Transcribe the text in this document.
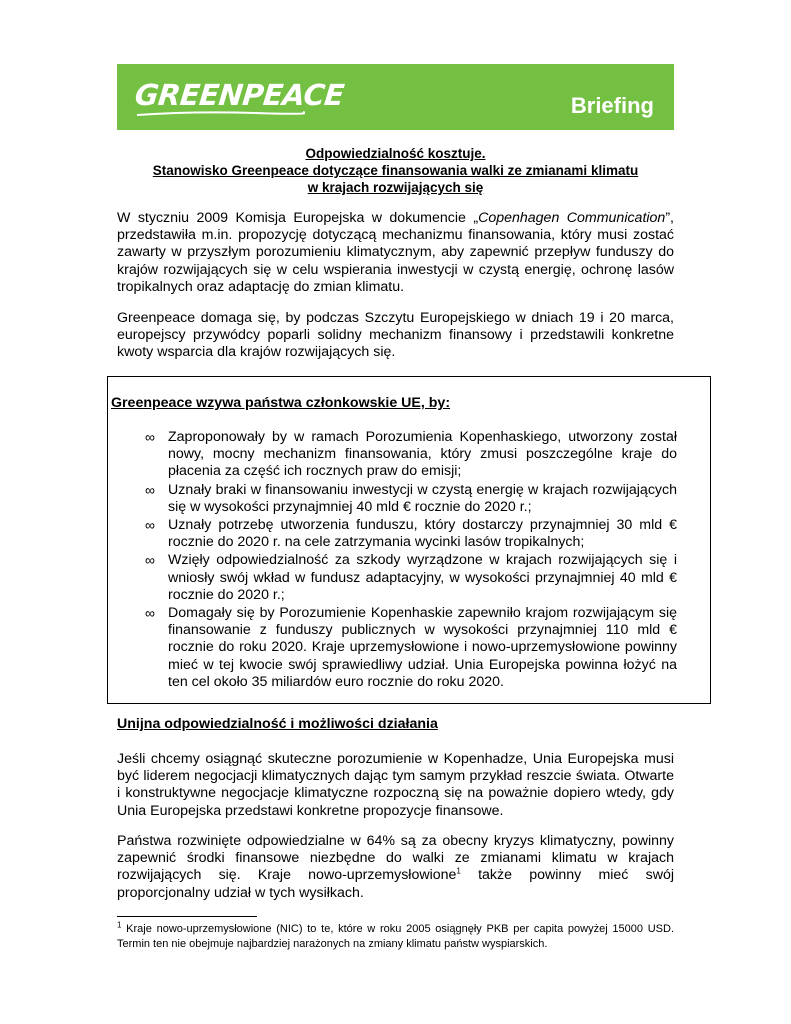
GREENPEACE	Briefing
Odpowiedzialność kosztuje.
Stanowisko Greenpeace dotyczące finansowania walki ze zmianami klimatu
w krajach rozwijających się
W styczniu 2009 Komisja Europejska w dokumencie „Copenhagen Communication”, przedstawiła m.in. propozycję dotyczącą mechanizmu finansowania, który musi zostać zawarty w przyszłym porozumieniu klimatycznym, aby zapewnić przepływ funduszy do krajów rozwijających się w celu wspierania inwestycji w czystą energię, ochronę lasów tropikalnych oraz adaptację do zmian klimatu.
Greenpeace domaga się, by podczas Szczytu Europejskiego w dniach 19 i 20 marca, europejscy przywódcy poparli solidny mechanizm finansowy i przedstawili konkretne kwoty wsparcia dla krajów rozwijających się.
Greenpeace wzywa państwa członkowskie UE, by:
∞ Zaproponowały by w ramach Porozumienia Kopenhaskiego, utworzony został nowy, mocny mechanizm finansowania, który zmusi poszczególne kraje do płacenia za część ich rocznych praw do emisji;
∞ Uznały braki w finansowaniu inwestycji w czystą energię w krajach rozwijających się w wysokości przynajmniej 40 mld € rocznie do 2020 r.;
∞ Uznały potrzebę utworzenia funduszu, który dostarczy przynajmniej 30 mld € rocznie do 2020 r. na cele zatrzymania wycinki lasów tropikalnych;
∞ Wzięły odpowiedzialność za szkody wyrządzone w krajach rozwijających się i wniosły swój wkład w fundusz adaptacyjny, w wysokości przynajmniej 40 mld € rocznie do 2020 r.;
∞ Domagały się by Porozumienie Kopenhaskie zapewniło krajom rozwijającym się finansowanie z funduszy publicznych w wysokości przynajmniej 110 mld € rocznie do roku 2020. Kraje uprzemysłowione i nowo-uprzemysłowione powinny mieć w tej kwocie swój sprawiedliwy udział. Unia Europejska powinna łożyć na ten cel około 35 miliardów euro rocznie do roku 2020.
Unijna odpowiedzialność i możliwości działania
Jeśli chcemy osiągnąć skuteczne porozumienie w Kopenhadze, Unia Europejska musi być liderem negocjacji klimatycznych dając tym samym przykład reszcie świata. Otwarte i konstruktywne negocjacje klimatyczne rozpoczną się na poważnie dopiero wtedy, gdy Unia Europejska przedstawi konkretne propozycje finansowe.
Państwa rozwinięte odpowiedzialne w 64% są za obecny kryzys klimatyczny, powinny zapewnić środki finansowe niezbędne do walki ze zmianami klimatu w krajach rozwijających się. Kraje nowo-uprzemysłowione$^1$ także powinny mieć swój proporcjonalny udział w tych wysiłkach.
$^1$ Kraje nowo-uprzemysłowione (NIC) to te, które w roku 2005 osiągnęły PKB per capita powyżej 15000 USD. Termin ten nie obejmuje najbardziej narażonych na zmiany klimatu państw wyspiarskich.
